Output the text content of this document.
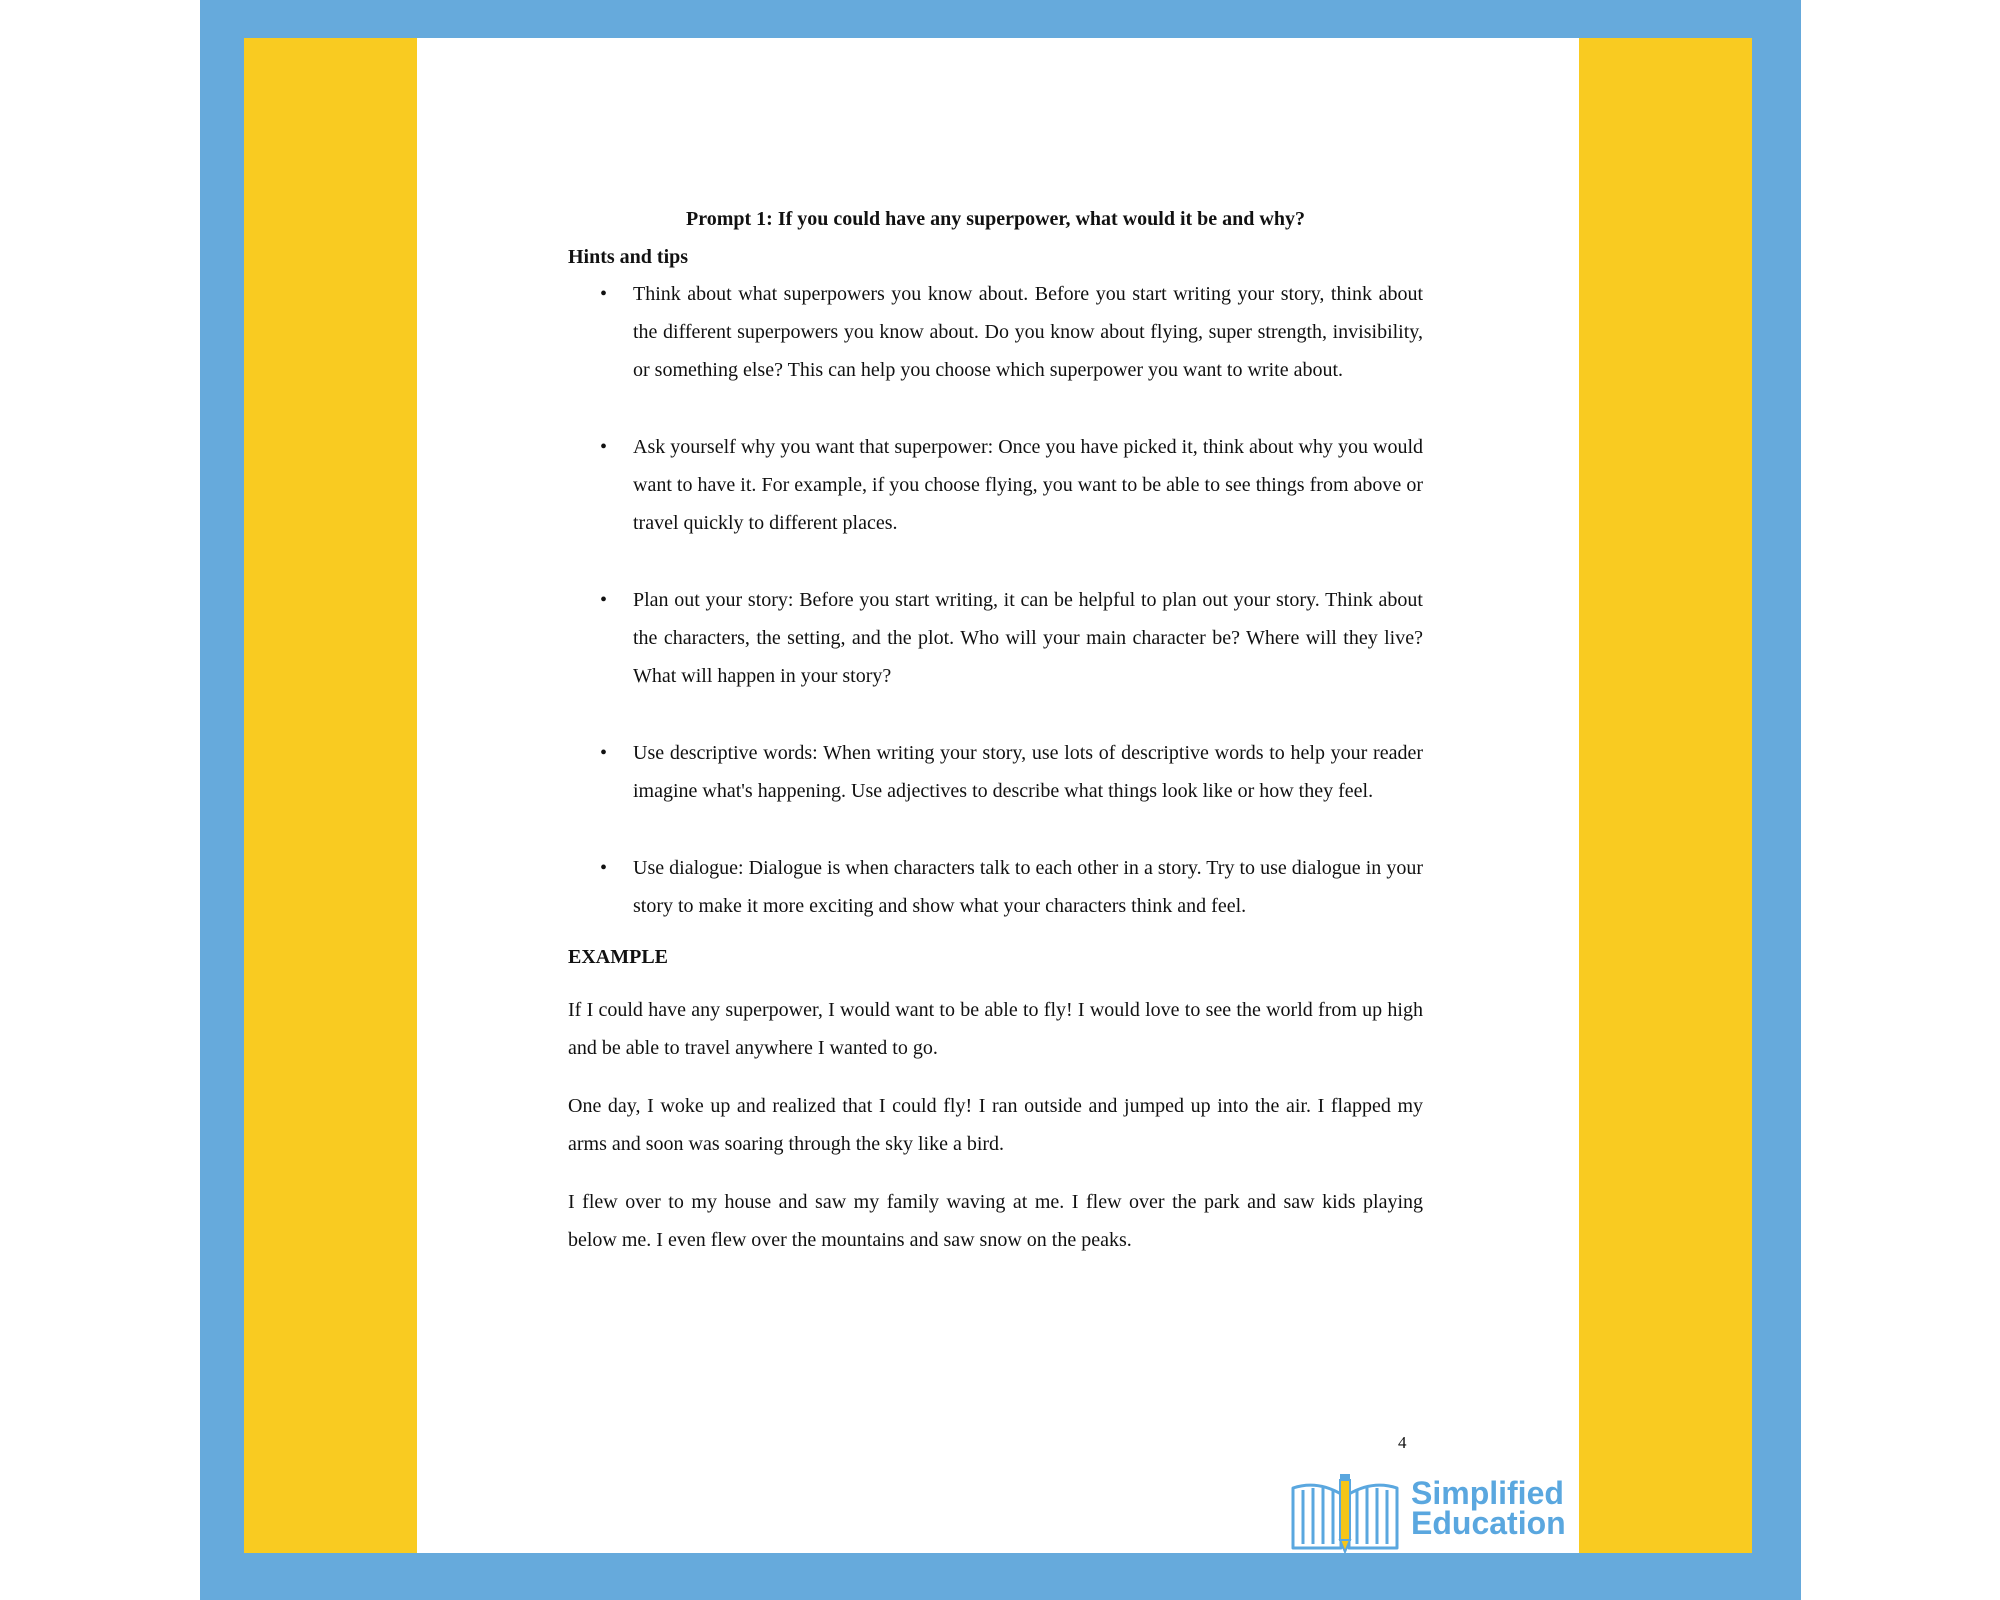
Prompt 1: If you could have any superpower, what would it be and why?
Hints and tips
• Think about what superpowers you know about. Before you start writing your story, think about the different superpowers you know about. Do you know about flying, super strength, invisibility, or something else? This can help you choose which superpower you want to write about.
• Ask yourself why you want that superpower: Once you have picked it, think about why you would want to have it. For example, if you choose flying, you want to be able to see things from above or travel quickly to different places.
• Plan out your story: Before you start writing, it can be helpful to plan out your story. Think about the characters, the setting, and the plot. Who will your main character be? Where will they live? What will happen in your story?
• Use descriptive words: When writing your story, use lots of descriptive words to help your reader imagine what's happening. Use adjectives to describe what things look like or how they feel.
• Use dialogue: Dialogue is when characters talk to each other in a story. Try to use dialogue in your story to make it more exciting and show what your characters think and feel.
EXAMPLE

If I could have any superpower, I would want to be able to fly! I would love to see the world from up high and be able to travel anywhere I wanted to go.

One day, I woke up and realized that I could fly! I ran outside and jumped up into the air. I flapped my arms and soon was soaring through the sky like a bird.

I flew over to my house and saw my family waving at me. I flew over the park and saw kids playing below me. I even flew over the mountains and saw snow on the peaks.

4
Simplified
Education
